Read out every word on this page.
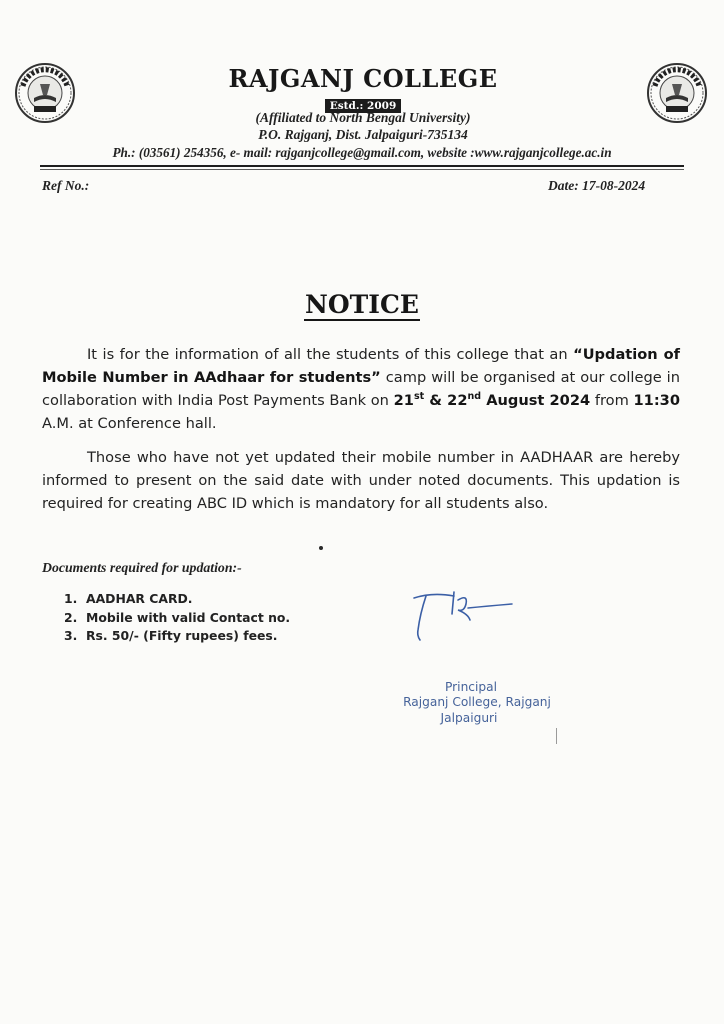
RAJGANJ COLLEGE
Estd.: 2009
(Affiliated to North Bengal University)
P.O. Rajganj, Dist. Jalpaiguri-735134
Ph.: (03561) 254356, e- mail: rajganjcollege@gmail.com, website :www.rajganjcollege.ac.in
Ref No.:	Date: 17-08-2024
NOTICE
It is for the information of all the students of this college that an “Updation of Mobile Number in AAdhaar for students” camp will be organised at our college in collaboration with India Post Payments Bank on 21st & 22nd August 2024 from 11:30 A.M. at Conference hall.
Those who have not yet updated their mobile number in AADHAAR are hereby informed to present on the said date with under noted documents. This updation is required for creating ABC ID which is mandatory for all students also.
Documents required for updation:-
1. AADHAR CARD.
2. Mobile with valid Contact no.
3. Rs. 50/- (Fifty rupees) fees.
Principal
Rajganj College, Rajganj
Jalpaiguri
